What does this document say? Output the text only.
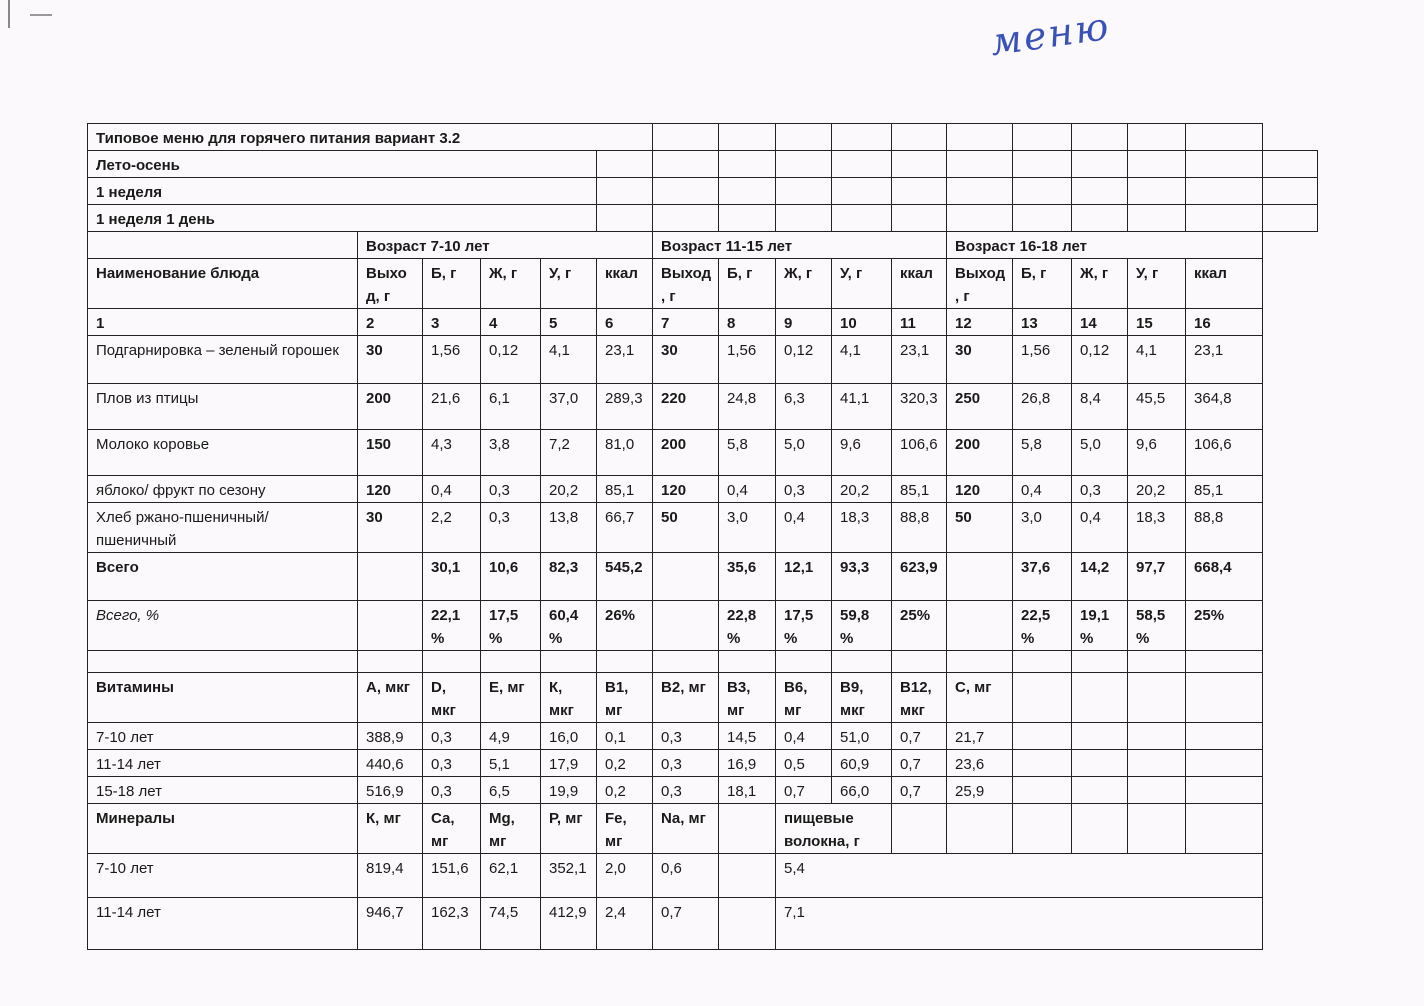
меню
Типовое меню для горячего питания вариант 3.2																
Лето-осень																
1 неделя																
1 неделя 1 день																
	Возраст 7-10 лет					Возраст 11-15 лет					Возраст 16-18 лет					
Наименование блюда	Выход, г	Б, г	Ж, г	У, г	ккал	Выход, г	Б, г	Ж, г	У, г	ккал	Выход, г	Б, г	Ж, г	У, г	ккал	
1	2	3	4	5	6	7	8	9	10	11	12	13	14	15	16	
Подгарнировка – зеленый горошек	30	1,56	0,12	4,1	23,1	30	1,56	0,12	4,1	23,1	30	1,56	0,12	4,1	23,1	
Плов из птицы	200	21,6	6,1	37,0	289,3	220	24,8	6,3	41,1	320,3	250	26,8	8,4	45,5	364,8	
Молоко коровье	150	4,3	3,8	7,2	81,0	200	5,8	5,0	9,6	106,6	200	5,8	5,0	9,6	106,6	
яблоко/ фрукт по сезону	120	0,4	0,3	20,2	85,1	120	0,4	0,3	20,2	85,1	120	0,4	0,3	20,2	85,1	
Хлеб ржано-пшеничный/ пшеничный	30	2,2	0,3	13,8	66,7	50	3,0	0,4	18,3	88,8	50	3,0	0,4	18,3	88,8	
Всего		30,1	10,6	82,3	545,2		35,6	12,1	93,3	623,9		37,6	14,2	97,7	668,4	
Всего, %		22,1 %	17,5 %	60,4 %	26%		22,8 %	17,5 %	59,8 %	25%		22,5 %	19,1 %	58,5 %	25%	

Витамины	А, мкг	D, мкг	Е, мг	К, мкг	В1, мг	В2, мг	В3, мг	В6, мг	В9, мкг	В12, мкг	С, мг					
7-10 лет	388,9	0,3	4,9	16,0	0,1	0,3	14,5	0,4	51,0	0,7	21,7					
11-14 лет	440,6	0,3	5,1	17,9	0,2	0,3	16,9	0,5	60,9	0,7	23,6					
15-18 лет	516,9	0,3	6,5	19,9	0,2	0,3	18,1	0,7	66,0	0,7	25,9					
Минералы	К, мг	Са, мг	Mg, мг	Р, мг	Fe, мг	Na, мг		пищевые волокна, г								
7-10 лет	819,4	151,6	62,1	352,1	2,0	0,6		5,4								
11-14 лет	946,7	162,3	74,5	412,9	2,4	0,7		7,1								
